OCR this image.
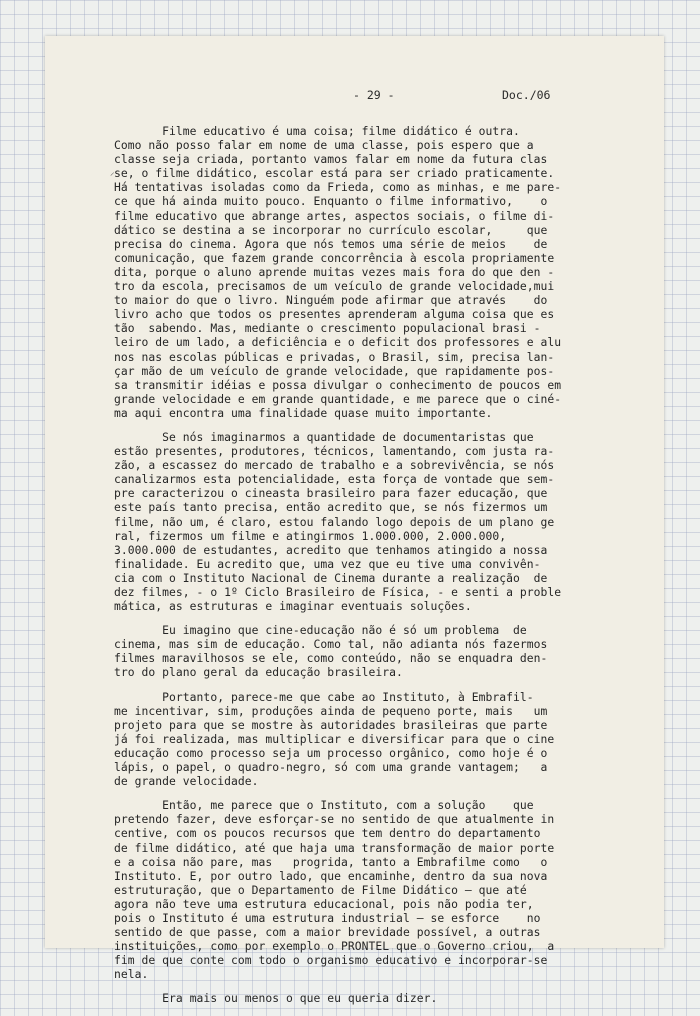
- 29 -	Doc./06
⸝
Filme educativo é uma coisa; filme didático é outra.
Como não posso falar em nome de uma classe, pois espero que a
classe seja criada, portanto vamos falar em nome da futura clas
se, o filme didático, escolar está para ser criado praticamente.
Há tentativas isoladas como da Frieda, como as minhas, e me pare-
ce que há ainda muito pouco. Enquanto o filme informativo,    o
filme educativo que abrange artes, aspectos sociais, o filme di-
dático se destina a se incorporar no currículo escolar,     que
precisa do cinema. Agora que nós temos uma série de meios    de
comunicação, que fazem grande concorrência à escola propriamente
dita, porque o aluno aprende muitas vezes mais fora do que den -
tro da escola, precisamos de um veículo de grande velocidade,mui
to maior do que o livro. Ninguém pode afirmar que através    do
livro acho que todos os presentes aprenderam alguma coisa que es
tão  sabendo. Mas, mediante o crescimento populacional brasi -
leiro de um lado, a deficiência e o deficit dos professores e alu
nos nas escolas públicas e privadas, o Brasil, sim, precisa lan-
çar mão de um veículo de grande velocidade, que rapidamente pos-
sa transmitir idéias e possa divulgar o conhecimento de poucos em
grande velocidade e em grande quantidade, e me parece que o ciné-
ma aqui encontra uma finalidade quase muito importante.
Se nós imaginarmos a quantidade de documentaristas que
estão presentes, produtores, técnicos, lamentando, com justa ra-
zão, a escassez do mercado de trabalho e a sobrevivência, se nós
canalizarmos esta potencialidade, esta força de vontade que sem-
pre caracterizou o cineasta brasileiro para fazer educação, que
este país tanto precisa, então acredito que, se nós fizermos um
filme, não um, é claro, estou falando logo depois de um plano ge
ral, fizermos um filme e atingirmos 1.000.000, 2.000.000,
3.000.000 de estudantes, acredito que tenhamos atingido a nossa
finalidade. Eu acredito que, uma vez que eu tive uma convivên-
cia com o Instituto Nacional de Cinema durante a realização  de
dez filmes, - o 1º Ciclo Brasileiro de Física, - e senti a proble
mática, as estruturas e imaginar eventuais soluções.
Eu imagino que cine-educação não é só um problema  de
cinema, mas sim de educação. Como tal, não adianta nós fazermos
filmes maravilhosos se ele, como conteúdo, não se enquadra den-
tro do plano geral da educação brasileira.
Portanto, parece-me que cabe ao Instituto, à Embrafil-
me incentivar, sim, produções ainda de pequeno porte, mais   um
projeto para que se mostre às autoridades brasileiras que parte
já foi realizada, mas multiplicar e diversificar para que o cine
educação como processo seja um processo orgânico, como hoje é o
lápis, o papel, o quadro-negro, só com uma grande vantagem;   a
de grande velocidade.
Então, me parece que o Instituto, com a solução    que
pretendo fazer, deve esforçar-se no sentido de que atualmente in
centive, com os poucos recursos que tem dentro do departamento
de filme didático, até que haja uma transformação de maior porte
e a coisa não pare, mas   progrida, tanto a Embrafilme como   o
Instituto. E, por outro lado, que encaminhe, dentro da sua nova
estruturação, que o Departamento de Filme Didático — que até
agora não teve uma estrutura educacional, pois não podia ter,
pois o Instituto é uma estrutura industrial — se esforce    no
sentido de que passe, com a maior brevidade possível, a outras
instituições, como por exemplo o PRONTEL que o Governo criou,  a
fim de que conte com todo o organismo educativo e incorporar-se
nela.
Era mais ou menos o que eu queria dizer.
